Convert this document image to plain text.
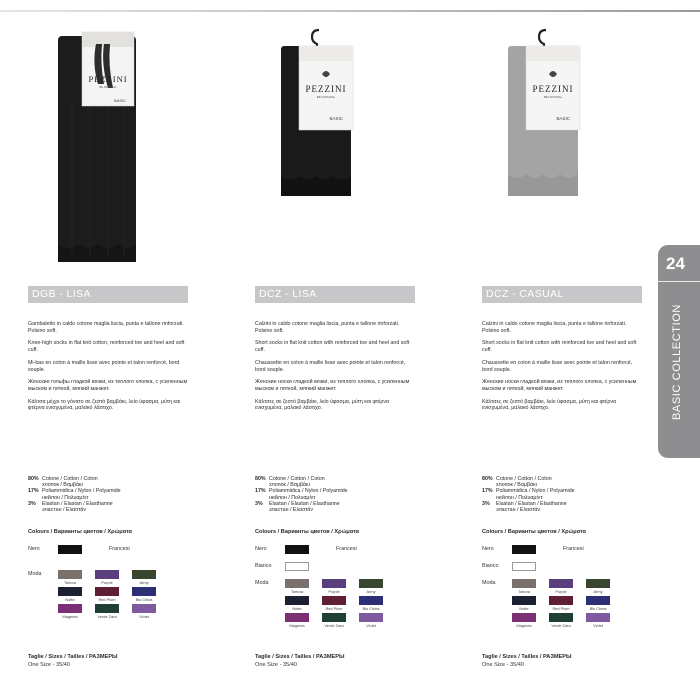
PEZZINI
BE NATURAL
BASIC
DGB - LISA

Gambaletto in caldo cotone maglia liscia, punta e tallone rinforzati. Polsino soft.

Knee-high socks in flat knit cotton, reinforced toe and heel and soft cuff.

Mi-bas en coton à maille lisse avec pointe et talon renforcé, bord souple.

Женские гольфы гладкой вязки, из теплого хлопка, с усиленным мыском и пяткой, мягкий манжет.

Κάλτσα μέχρι το γόνατο σε ζεστό βαμβάκι, λείο ύφασμα, μύτη και φτέρνα ενισχυμένα, μαλακό λάστιχο.

80% Cotone / Cotton / Coton
хлопок / Βαμβάκι
17% Poliammidica / Nylon / Polyamide
нейлон / Πολυαμίντ
3%	Elastan / Elastan / Elasthanne
эластан / Ελαστάν
Colours / Варианты цветов / Χρώματα
Nero	Francesi
Moda
Tortora	Purple	Army
Notte	Red Plum	Blu China
Magenta	Verde Zara	Violet
Taglie / Sizes / Tailles / РАЗМЕРЫ
One Size - 35/40
PEZZINI
BE NATURAL
BASIC
DCZ - LISA

Calzini in caldo cotone maglia liscia, punta e tallone rinforzati. Polsino soft.

Short socks in flat knit cotton with reinforced toe and heel and soft cuff.

Chaussette en coton à maille lisse avec pointe et talon renforcé, bord souple.

Женские носки гладкой вязки, из теплого хлопка, с усиленным мыском и пяткой, мягкий манжет.

Κάλτσες σε ζεστό βαμβάκι, λείο ύφασμα, μύτη και φτέρνα ενισχυμένα, μαλακό λάστιχο.

80% Cotone / Cotton / Coton
хлопок / Βαμβάκι
17% Poliammidica / Nylon / Polyamide
нейлон / Πολυαμίντ
3%	Elastan / Elastan / Elasthanne
эластан / Ελαστάν
Colours / Варианты цветов / Χρώματα
Nero	Francesi
Bianco
Moda
Tortora	Purple	Army
Notte	Red Plum	Blu China
Magenta	Verde Zara	Violet
Taglie / Sizes / Tailles / РАЗМЕРЫ
One Size - 35/40
PEZZINI
BE NATURAL
BASIC
DCZ - CASUAL

Calzini in caldo cotone maglia liscia, punta e tallone rinforzati. Polsino soft.

Short socks in flat knit cotton with reinforced toe and heel and soft cuff.

Chaussette en coton à maille lisse avec pointe et talon renforcé, bord souple.

Женские носки гладкой вязки, из теплого хлопка, с усиленным мыском и пяткой, мягкий манжет.

Κάλτσες σε ζεστό βαμβάκι, λείο ύφασμα, μύτη και φτέρνα ενισχυμένα, μαλακό λάστιχο.

80% Cotone / Cotton / Coton
хлопок / Βαμβάκι
17% Poliammidica / Nylon / Polyamide
нейлон / Πολυαμίντ
3%	Elastan / Elastan / Elasthanne
эластан / Ελαστάν
Colours / Варианты цветов / Χρώματα
Nero	Francesi
Bianco
Moda
Tortora	Purple	Army
Notte	Red Plum	Blu China
Magenta	Verde Zara	Violet
Taglie / Sizes / Tailles / РАЗМЕРЫ
One Size - 35/40
24
BASIC COLLECTION
